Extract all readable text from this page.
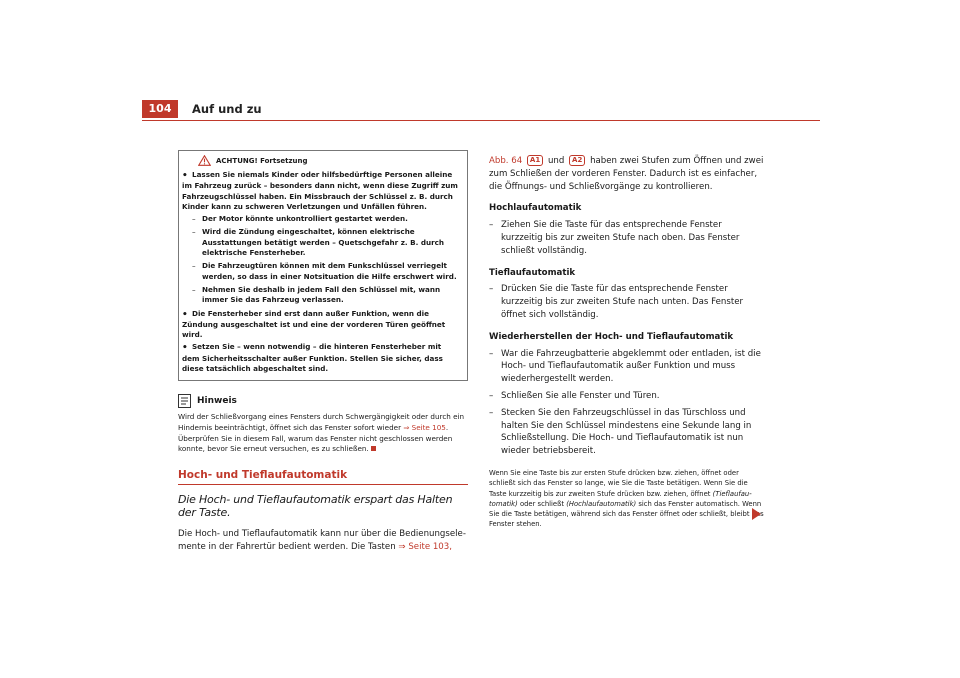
104	Auf und zu
ACHTUNG! Fortsetzung

• Lassen Sie niemals Kinder oder hilfsbedürftige Personen alleine im Fahrzeug zurück – besonders dann nicht, wenn diese Zugriff zum Fahrzeugschlüssel haben. Ein Missbrauch der Schlüssel z. B. durch Kinder kann zu schweren Verletzungen und Unfällen führen.

– Der Motor könnte unkontrolliert gestartet werden.

– Wird die Zündung eingeschaltet, können elektrische Ausstattungen betätigt werden – Quetschgefahr z. B. durch elektrische Fensterheber.

– Die Fahrzeugtüren können mit dem Funkschlüssel verriegelt werden, so dass in einer Notsituation die Hilfe erschwert wird.

– Nehmen Sie deshalb in jedem Fall den Schlüssel mit, wann immer Sie das Fahrzeug verlassen.

• Die Fensterheber sind erst dann außer Funktion, wenn die Zündung ausgeschaltet ist und eine der vorderen Türen geöffnet wird.

• Setzen Sie – wenn notwendig – die hinteren Fensterheber mit dem Sicherheitsschalter außer Funktion. Stellen Sie sicher, dass diese tatsächlich abgeschaltet sind.

Hinweis
Wird der Schließvorgang eines Fensters durch Schwergängigkeit oder durch ein Hindernis beeinträchtigt, öffnet sich das Fenster sofort wieder ⇒ Seite 105. Überprüfen Sie in diesem Fall, warum das Fenster nicht geschlossen werden konnte, bevor Sie erneut versuchen, es zu schließen.
Hoch- und Tieflaufautomatik
Die Hoch- und Tieflaufautomatik erspart das Halten der Taste.
Die Hoch- und Tieflaufautomatik kann nur über die Bedienungselemente in der Fahrertür bedient werden. Die Tasten ⇒ Seite 103,

Abb. 64 A1 und A2 haben zwei Stufen zum Öffnen und zwei zum Schließen der vorderen Fenster. Dadurch ist es einfacher, die Öffnungs- und Schließvorgänge zu kontrollieren.

Hochlaufautomatik

– Ziehen Sie die Taste für das entsprechende Fenster kurzzeitig bis zur zweiten Stufe nach oben. Das Fenster schließt vollständig.

Tieflaufautomatik

– Drücken Sie die Taste für das entsprechende Fenster kurzzeitig bis zur zweiten Stufe nach unten. Das Fenster öffnet sich vollständig.

Wiederherstellen der Hoch- und Tieflaufautomatik

– War die Fahrzeugbatterie abgeklemmt oder entladen, ist die Hoch- und Tieflaufautomatik außer Funktion und muss wiederhergestellt werden.

– Schließen Sie alle Fenster und Türen.

– Stecken Sie den Fahrzeugschlüssel in das Türschloss und halten Sie den Schlüssel mindestens eine Sekunde lang in Schließstellung. Die Hoch- und Tieflaufautomatik ist nun wieder betriebsbereit.

Wenn Sie eine Taste bis zur ersten Stufe drücken bzw. ziehen, öffnet oder schließt sich das Fenster so lange, wie Sie die Taste betätigen. Wenn Sie die Taste kurzzeitig bis zur zweiten Stufe drücken bzw. ziehen, öffnet (Tieflaufautomatik) oder schließt (Hochlaufautomatik) sich das Fenster automatisch. Wenn Sie die Taste betätigen, während sich das Fenster öffnet oder schließt, bleibt das Fenster stehen.
